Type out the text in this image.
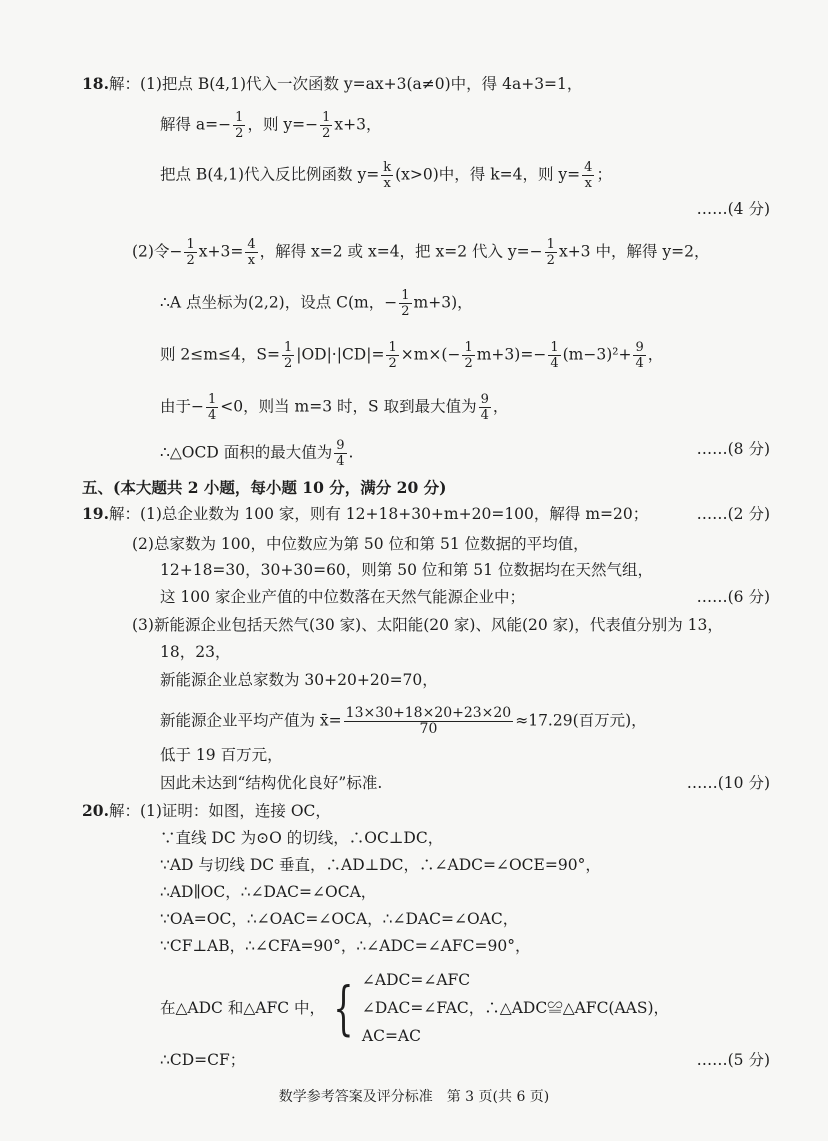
18.解：(1)把点 B(4,1)代入一次函数 y=ax+3(a≠0)中，得 4a+3=1，
解得 $a=- \frac{1}{2}$ ，则 $y=- \frac{1}{2} x+3$，
把点 B(4,1)代入反比例函数 $y= \frac{k}{x} (x>0)$中，得 k=4，则 $y= \frac{4}{x}$ ；
……(4 分)
(2)令− $\frac{1}{2} x+3= \frac{4}{x}$ ，解得 x=2 或 x=4，把 x=2 代入 $y=- \frac{1}{2} x+3$ 中，解得 y=2，
∴A 点坐标为(2,2)，设点 C(m，− $\frac{1}{2} m+3$)，
则 2≤m≤4，$S= \frac{1}{2} |OD|\cdot|CD|= \frac{1}{2} \times m\times(- \frac{1}{2} m+3)=- \frac{1}{4} (m-3)^2+ \frac{9}{4}$ ，
由于− $\frac{1}{4} <0$，则当 m=3 时，S 取到最大值为 $\frac{9}{4}$ ，
∴△OCD 面积的最大值为 $\frac{9}{4}$ .	……(8 分)
五、(本大题共 2 小题，每小题 10 分，满分 20 分)
19.解：(1)总企业数为 100 家，则有 12+18+30+m+20=100，解得 m=20；	……(2 分)
(2)总家数为 100，中位数应为第 50 位和第 51 位数据的平均值，
12+18=30，30+30=60，则第 50 位和第 51 位数据均在天然气组，
这 100 家企业产值的中位数落在天然气能源企业中；	……(6 分)
(3)新能源企业包括天然气(30 家)、太阳能(20 家)、风能(20 家)，代表值分别为 13，
18，23，
新能源企业总家数为 30+20+20=70，
新能源企业平均产值为 x̄= $\frac{13\times 30+18\times 20+23\times 20}{70} \approx 17.29$(百万元)，
低于 19 百万元，
因此未达到“结构优化良好”标准.	……(10 分)
20.解：(1)证明：如图，连接 OC，
∵直线 DC 为⊙O 的切线，∴OC⊥DC，
∵AD 与切线 DC 垂直，∴AD⊥DC，∴∠ADC=∠OCE=90°，
∴AD∥OC，∴∠DAC=∠OCA，
∵OA=OC，∴∠OAC=∠OCA，∴∠DAC=∠OAC，
∵CF⊥AB，∴∠CFA=90°，∴∠ADC=∠AFC=90°，
在△ADC 和△AFC 中， { ∠ADC=∠AFC
∠DAC=∠FAC，∴△ADC≌△AFC(AAS)，
AC=AC
∴CD=CF；	……(5 分)
数学参考答案及评分标准　第 3 页(共 6 页)
